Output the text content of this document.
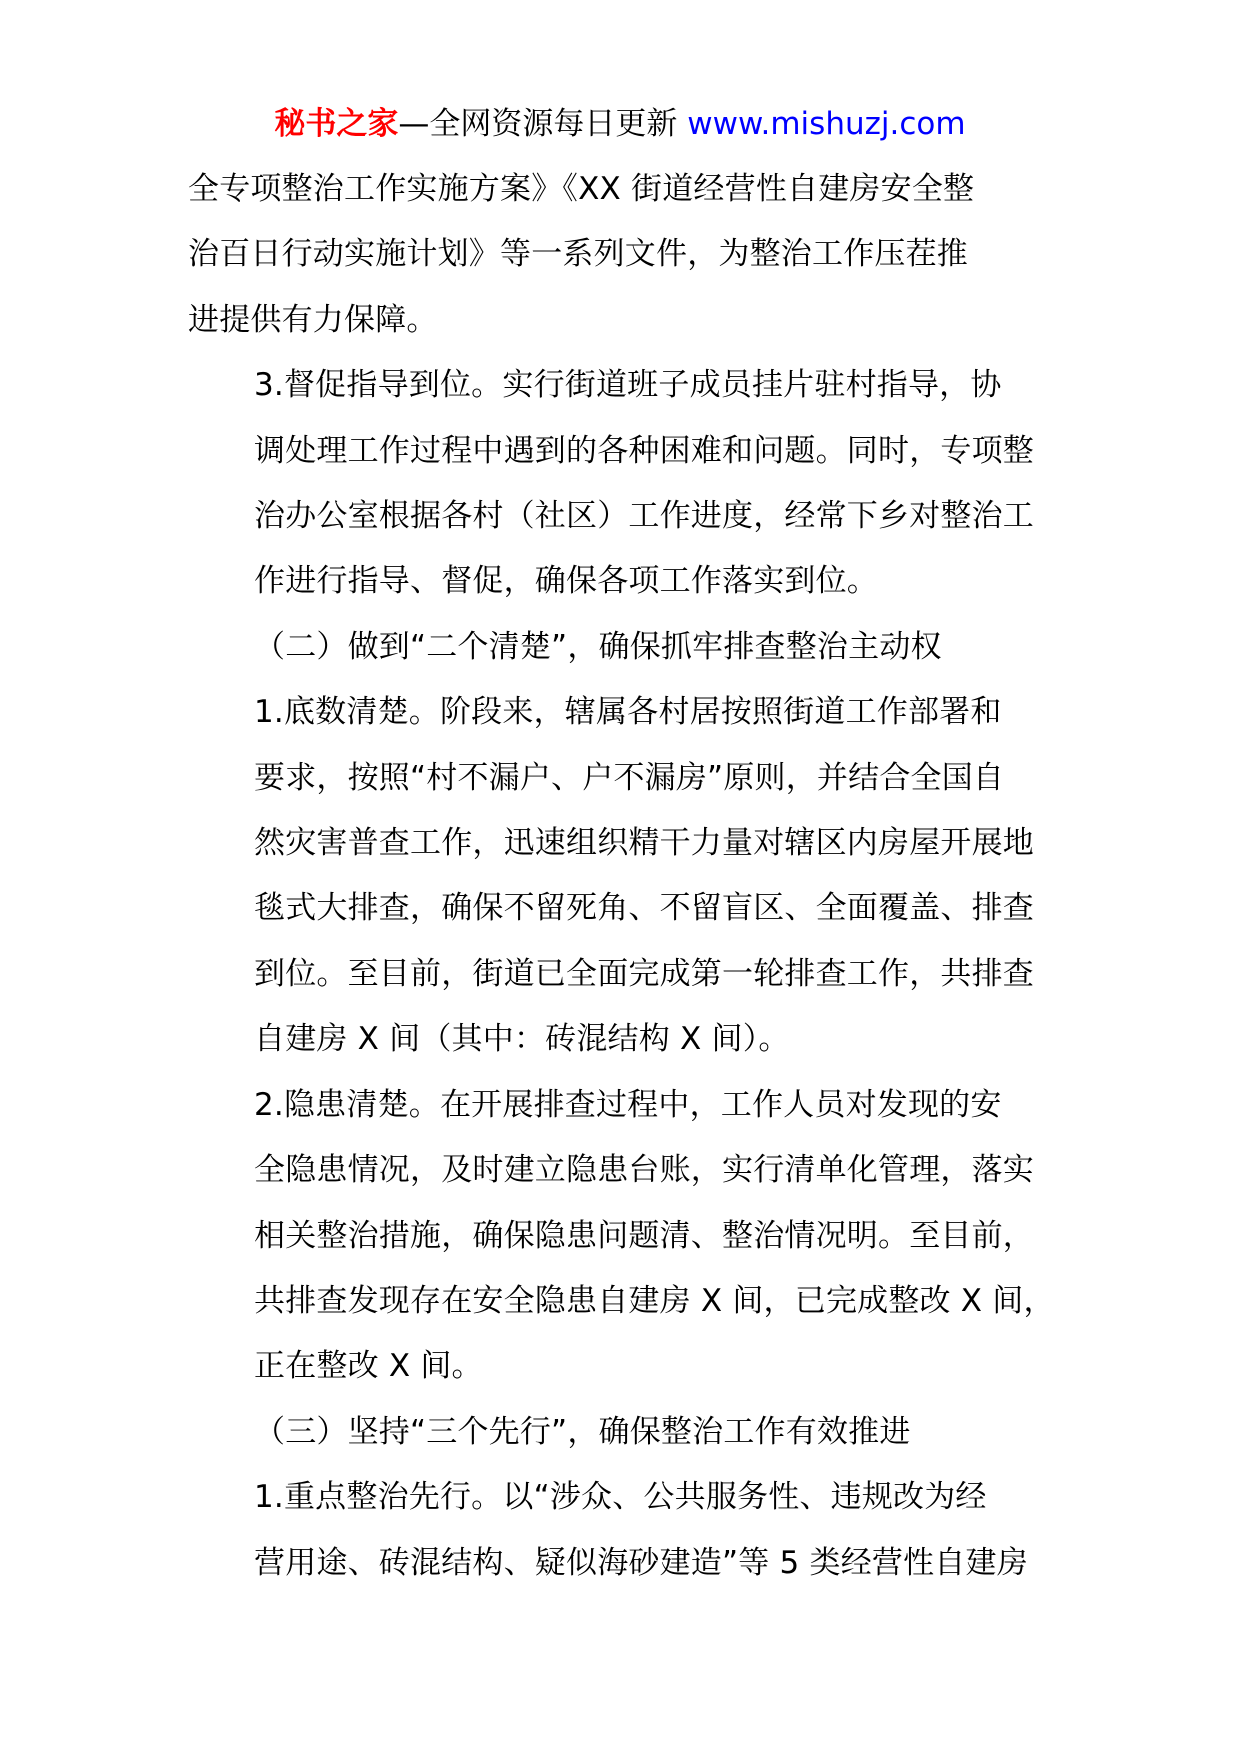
秘书之家—全网资源每日更新 www.mishuzj.com

全专项整治工作实施方案》《XX 街道经营性自建房安全整
治百日行动实施计划》等一系列文件，为整治工作压茬推
进提供有力保障。

3.督促指导到位。实行街道班子成员挂片驻村指导，协
调处理工作过程中遇到的各种困难和问题。同时，专项整
治办公室根据各村（社区）工作进度，经常下乡对整治工
作进行指导、督促，确保各项工作落实到位。

（二）做到“二个清楚”，确保抓牢排查整治主动权

1.底数清楚。阶段来，辖属各村居按照街道工作部署和
要求，按照“村不漏户、户不漏房”原则，并结合全国自
然灾害普查工作，迅速组织精干力量对辖区内房屋开展地
毯式大排查，确保不留死角、不留盲区、全面覆盖、排查
到位。至目前，街道已全面完成第一轮排查工作，共排查
自建房 X 间（其中：砖混结构 X 间）。

2.隐患清楚。在开展排查过程中，工作人员对发现的安
全隐患情况，及时建立隐患台账，实行清单化管理，落实
相关整治措施，确保隐患问题清、整治情况明。至目前，
共排查发现存在安全隐患自建房 X 间，已完成整改 X 间，
正在整改 X 间。

（三）坚持“三个先行”，确保整治工作有效推进

1.重点整治先行。以“涉众、公共服务性、违规改为经
营用途、砖混结构、疑似海砂建造”等 5 类经营性自建房
